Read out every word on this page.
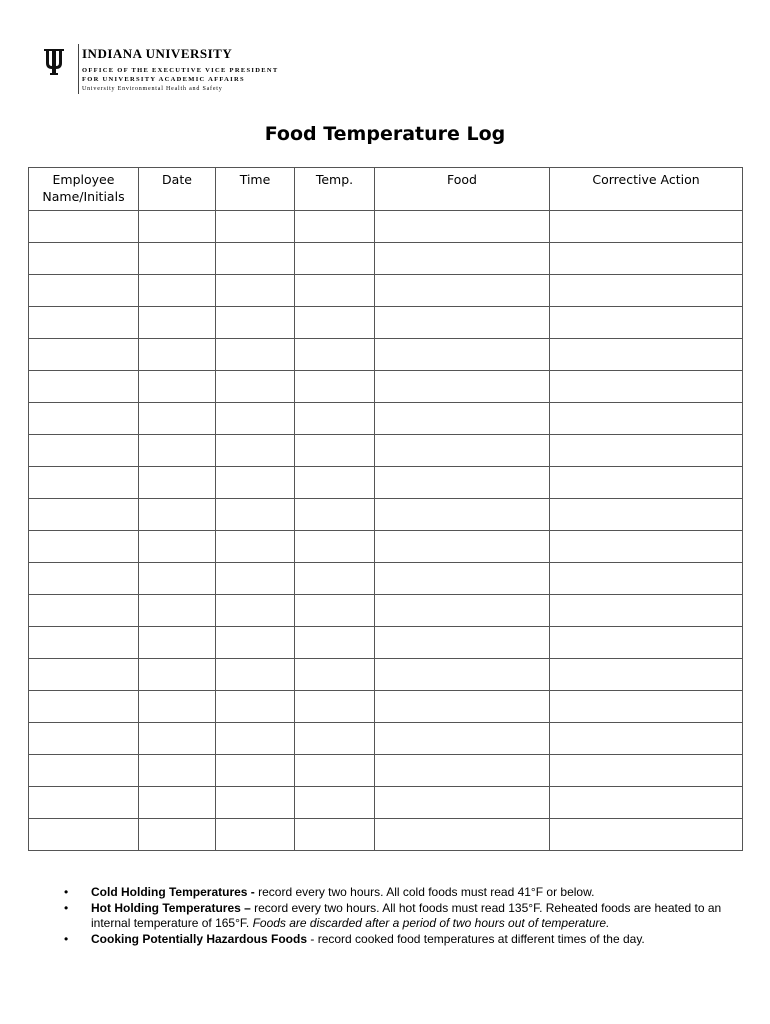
INDIANA UNIVERSITY
OFFICE OF THE EXECUTIVE VICE PRESIDENT
FOR UNIVERSITY ACADEMIC AFFAIRS
University Environmental Health and Safety
Food Temperature Log
Employee
Name/Initials	Date	Time	Temp.	Food	Corrective Action

• Cold Holding Temperatures - record every two hours. All cold foods must read 41°F or below.
• Hot Holding Temperatures – record every two hours. All hot foods must read 135°F. Reheated foods are heated to an internal temperature of 165°F. Foods are discarded after a period of two hours out of temperature.
• Cooking Potentially Hazardous Foods - record cooked food temperatures at different times of the day.
